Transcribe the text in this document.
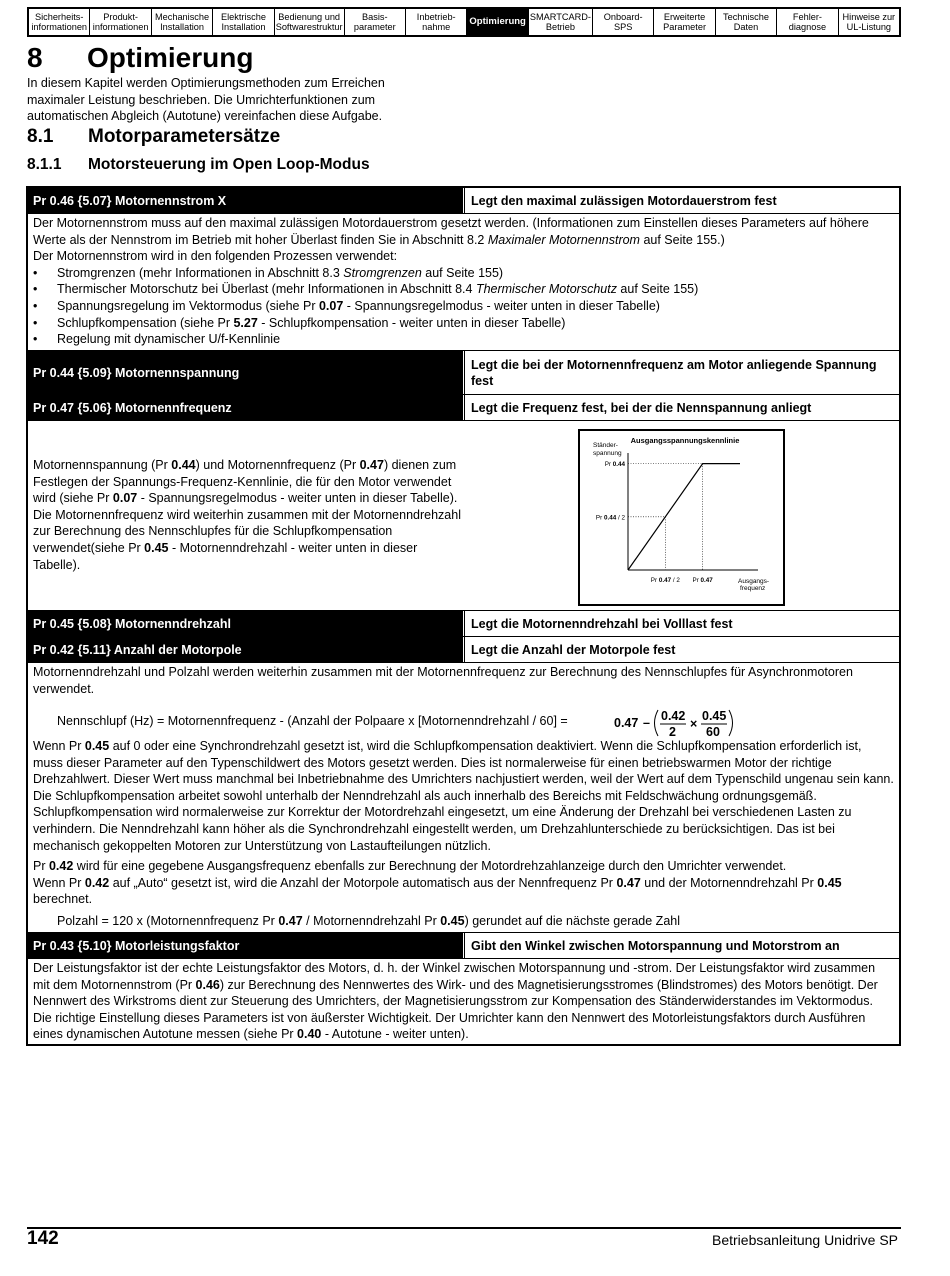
Sicherheits-
informationen
Produkt-
informationen
Mechanische
Installation
Elektrische
Installation
Bedienung und
Softwarestruktur
Basis-
parameter
Inbetrieb-
nahme
Optimierung SMARTCARD-
Betrieb
Onboard-
SPS
Erweiterte
Parameter
Technische
Daten
Fehler-
diagnose
Hinweise zur
UL-Listung
8 Optimierung
In diesem Kapitel werden Optimierungsmethoden zum Erreichen maximaler Leistung beschrieben. Die Umrichterfunktionen zum automatischen Abgleich (Autotune) vereinfachen diese Aufgabe.
8.1 Motorparametersätze
8.1.1 Motorsteuerung im Open Loop-Modus
Pr 0.46 {5.07} Motornennstrom X	Legt den maximal zulässigen Motordauerstrom fest
Der Motornennstrom muss auf den maximal zulässigen Motordauerstrom gesetzt werden. (Informationen zum Einstellen dieses Parameters auf höhere Werte als der Nennstrom im Betrieb mit hoher Überlast finden Sie in Abschnitt 8.2 Maximaler Motornennstrom auf Seite 155.)
Der Motornennstrom wird in den folgenden Prozessen verwendet:
• Stromgrenzen (mehr Informationen in Abschnitt 8.3 Stromgrenzen auf Seite 155)
• Thermischer Motorschutz bei Überlast (mehr Informationen in Abschnitt 8.4 Thermischer Motorschutz auf Seite 155)
• Spannungsregelung im Vektormodus (siehe Pr 0.07 - Spannungsregelmodus - weiter unten in dieser Tabelle)
• Schlupfkompensation (siehe Pr 5.27 - Schlupfkompensation - weiter unten in dieser Tabelle)
• Regelung mit dynamischer U/f-Kennlinie
Pr 0.44 {5.09} Motornennspannung
Legt die bei der Motornennfrequenz am Motor anliegende Spannung fest
Pr 0.47 {5.06} Motornennfrequenz	Legt die Frequenz fest, bei der die Nennspannung anliegt
Motornennspannung (Pr 0.44) und Motornennfrequenz (Pr 0.47) dienen zum Festlegen der Spannungs-Frequenz-Kennlinie, die für den Motor verwendet wird (siehe Pr 0.07 - Spannungsregelmodus - weiter unten in dieser Tabelle). Die Motornennfrequenz wird weiterhin zusammen mit der Motornenndrehzahl zur Berechnung des Nennschlupfes für die Schlupfkompensation verwendet(siehe Pr 0.45 - Motornenndrehzahl - weiter unten in dieser Tabelle).
Ausgangsspannungskennlinie
Ständer-
spannung
Ausgangs-
frequenz
Pr 0.44 / 2
Pr 0.44
Pr 0.47 / 2 Pr 0.47
Pr 0.45 {5.08} Motornenndrehzahl	Legt die Motornenndrehzahl bei Volllast fest
Pr 0.42 {5.11} Anzahl der Motorpole	Legt die Anzahl der Motorpole fest
Motornenndrehzahl und Polzahl werden weiterhin zusammen mit der Motornennfrequenz zur Berechnung des Nennschlupfes für Asynchronmotoren verwendet.
Nennschlupf (Hz) = Motornennfrequenz - (Anzahl der Polpaare x [Motornenndrehzahl / 60] =
Wenn Pr 0.45 auf 0 oder eine Synchrondrehzahl gesetzt ist, wird die Schlupfkompensation deaktiviert. Wenn die Schlupfkompensation erforderlich ist, muss dieser Parameter auf den Typenschildwert des Motors gesetzt werden. Dies ist normalerweise für einen betriebswarmen Motor der richtige Drehzahlwert. Dieser Wert muss manchmal bei Inbetriebnahme des Umrichters nachjustiert werden, weil der Wert auf dem Typenschild ungenau sein kann. Die Schlupfkompensation arbeitet sowohl unterhalb der Nenndrehzahl als auch innerhalb des Bereichs mit Feldschwächung ordnungsgemäß. Schlupfkompensation wird normalerweise zur Korrektur der Motordrehzahl eingesetzt, um eine Änderung der Drehzahl bei verschiedenen Lasten zu verhindern. Die Nenndrehzahl kann höher als die Synchrondrehzahl eingestellt werden, um Drehzahlunterschiede zu berücksichtigen. Das ist bei mechanisch gekoppelten Motoren zur Unterstützung von Lastaufteilungen nützlich.
Pr 0.42 wird für eine gegebene Ausgangsfrequenz ebenfalls zur Berechnung der Motordrehzahlanzeige durch den Umrichter verwendet.
Wenn Pr 0.42 auf „Auto“ gesetzt ist, wird die Anzahl der Motorpole automatisch aus der Nennfrequenz Pr 0.47 und der Motornenndrehzahl Pr 0.45 berechnet.
Polzahl = 120 x (Motornennfrequenz Pr 0.47 / Motornenndrehzahl Pr 0.45) gerundet auf die nächste gerade Zahl
0.47 – 0.42
2
×
0.45
60
Pr 0.43 {5.10} Motorleistungsfaktor	Gibt den Winkel zwischen Motorspannung und Motorstrom an
Der Leistungsfaktor ist der echte Leistungsfaktor des Motors, d. h. der Winkel zwischen Motorspannung und -strom. Der Leistungsfaktor wird zusammen mit dem Motornennstrom (Pr 0.46) zur Berechnung des Nennwertes des Wirk- und des Magnetisierungsstromes (Blindstromes) des Motors benötigt. Der Nennwert des Wirkstroms dient zur Steuerung des Umrichters, der Magnetisierungsstrom zur Kompensation des Ständerwiderstandes im Vektormodus. Die richtige Einstellung dieses Parameters ist von äußerster Wichtigkeit. Der Umrichter kann den Nennwert des Motorleistungsfaktors durch Ausführen eines dynamischen Autotune messen (siehe Pr 0.40 - Autotune - weiter unten).
142	Betriebsanleitung Unidrive SP
